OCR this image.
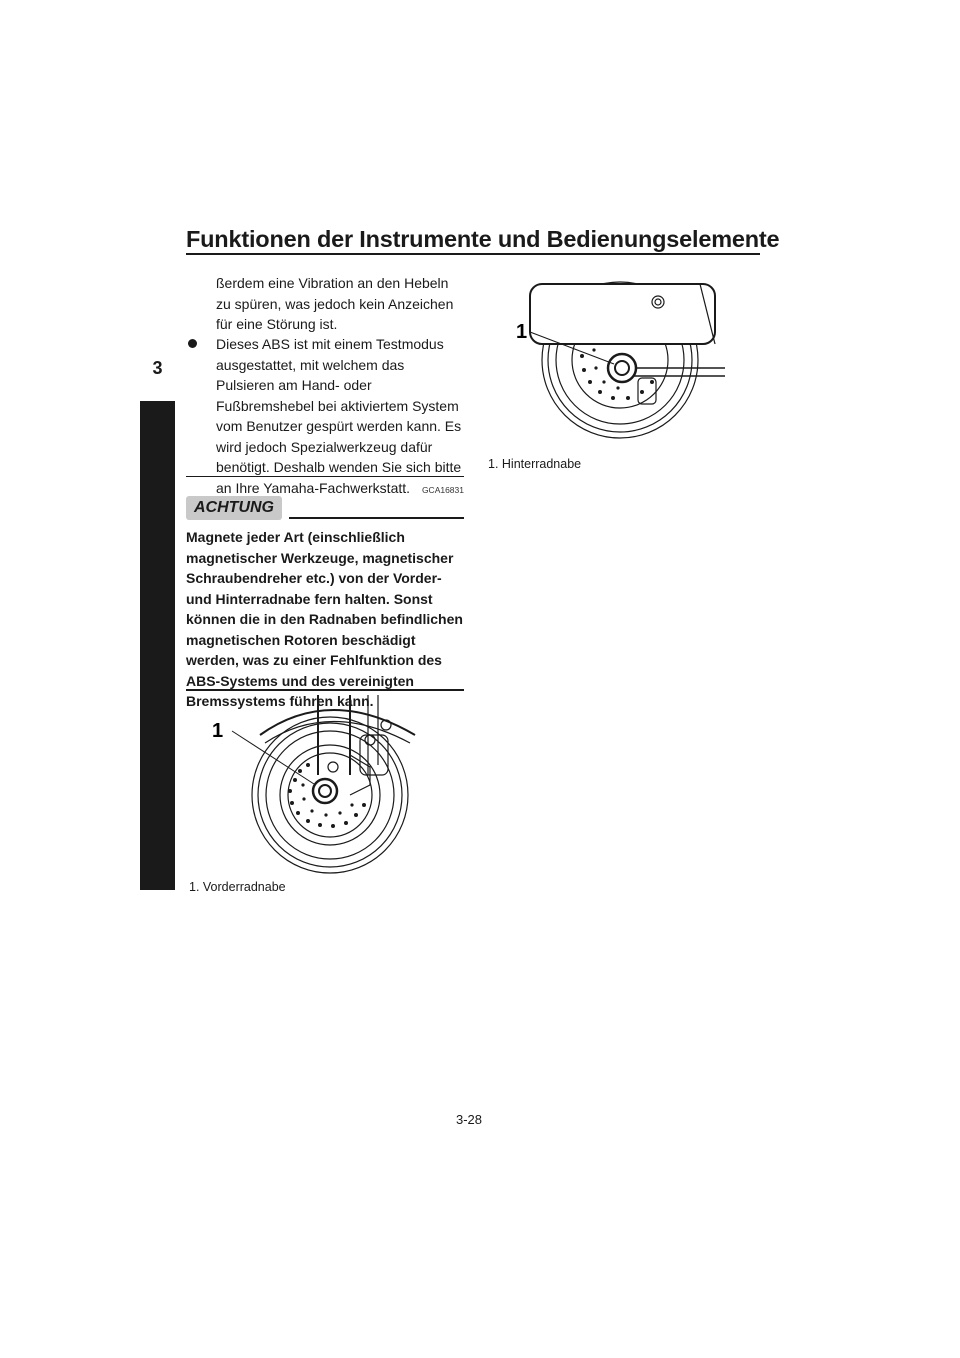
Funktionen der Instrumente und Bedienungselemente
3
ßerdem eine Vibration an den Hebeln zu spüren, was jedoch kein Anzeichen für eine Störung ist.
Dieses ABS ist mit einem Testmodus ausgestattet, mit welchem das Pulsieren am Hand- oder Fußbremshebel bei aktiviertem System vom Benutzer gespürt werden kann. Es wird jedoch Spezialwerkzeug dafür benötigt. Deshalb wenden Sie sich bitte an Ihre Yamaha-Fachwerkstatt.	GCA16831
ACHTUNG
Magnete jeder Art (einschließlich magnetischer Werkzeuge, magnetischer Schraubendreher etc.) von der Vorder- und Hinterradnabe fern halten. Sonst können die in den Radnaben befindlichen magnetischen Rotoren beschädigt werden, was zu einer Fehlfunktion des ABS-Systems und des vereinigten Bremssystems führen kann.
1
1. Vorderradnabe
1
1. Hinterradnabe
3-28
